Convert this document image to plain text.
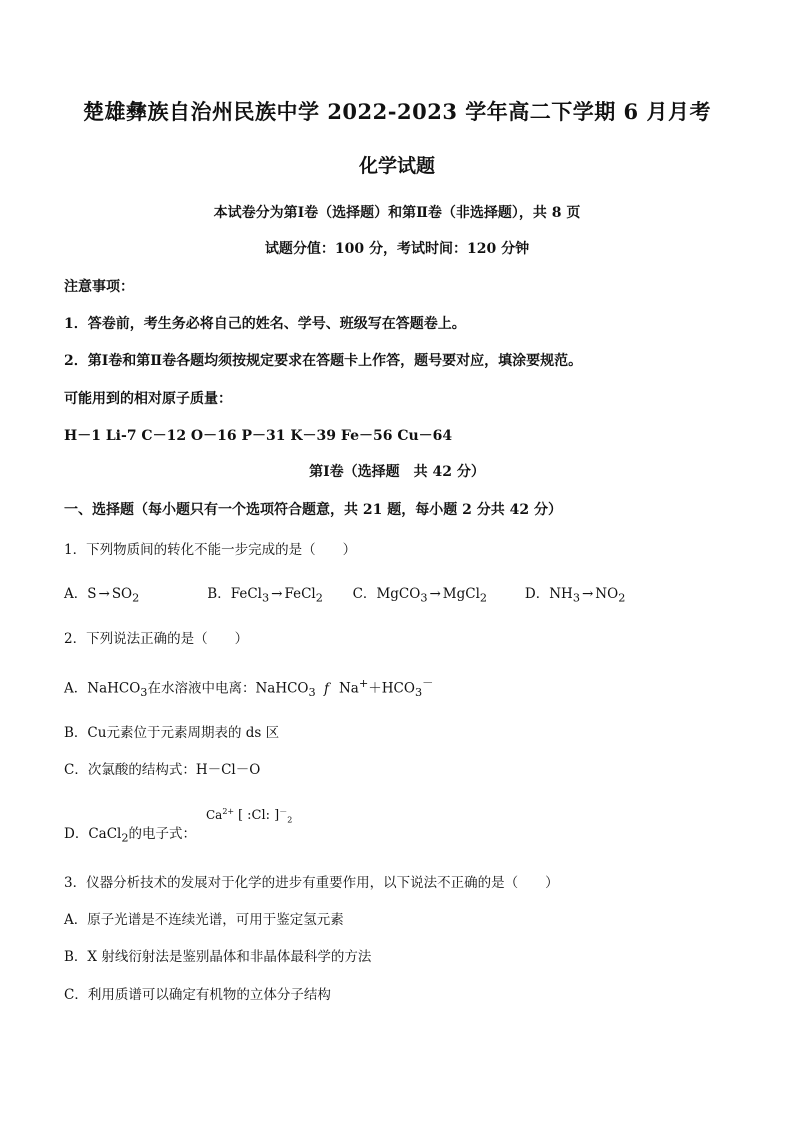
楚雄彝族自治州民族中学 2022-2023 学年高二下学期 6 月月考
化学试题
本试卷分为第Ⅰ卷（选择题）和第Ⅱ卷（非选择题），共 8 页
试题分值：100 分，考试时间：120 分钟
注意事项：
1．答卷前，考生务必将自己的姓名、学号、班级写在答题卷上。
2．第Ⅰ卷和第Ⅱ卷各题均须按规定要求在答题卡上作答，题号要对应，填涂要规范。
可能用到的相对原子质量：
H－1 Li-7 C－12 O－16 P－31 K－39 Fe－56 Cu－64
第Ⅰ卷（选择题　共 42 分）
一、选择题（每小题只有一个选项符合题意，共 21 题，每小题 2 分共 42 分）
1．下列物质间的转化不能一步完成的是（　　）
A．$S \to SO_2$	B．FeCl$_3$ → FeCl$_2$ C．MgCO$_3$ → MgCl$_2$	D．$NH_3 \to NO_2$
2．下列说法正确的是（　　）
A．NaHCO$_3$在水溶液中电离：NaHCO$_3$ f $Na^++HCO_3^-$
B．Cu元素位于元素周期表的 ds 区
C．次氯酸的结构式：H－Cl－O
D．CaCl$_2$的电子式：
$Ca^{2+}$ [ :Cl: ]$^-_2$
3．仪器分析技术的发展对于化学的进步有重要作用，以下说法不正确的是（　　）
A．原子光谱是不连续光谱，可用于鉴定氢元素
B．X 射线衍射法是鉴别晶体和非晶体最科学的方法
C．利用质谱可以确定有机物的立体分子结构
